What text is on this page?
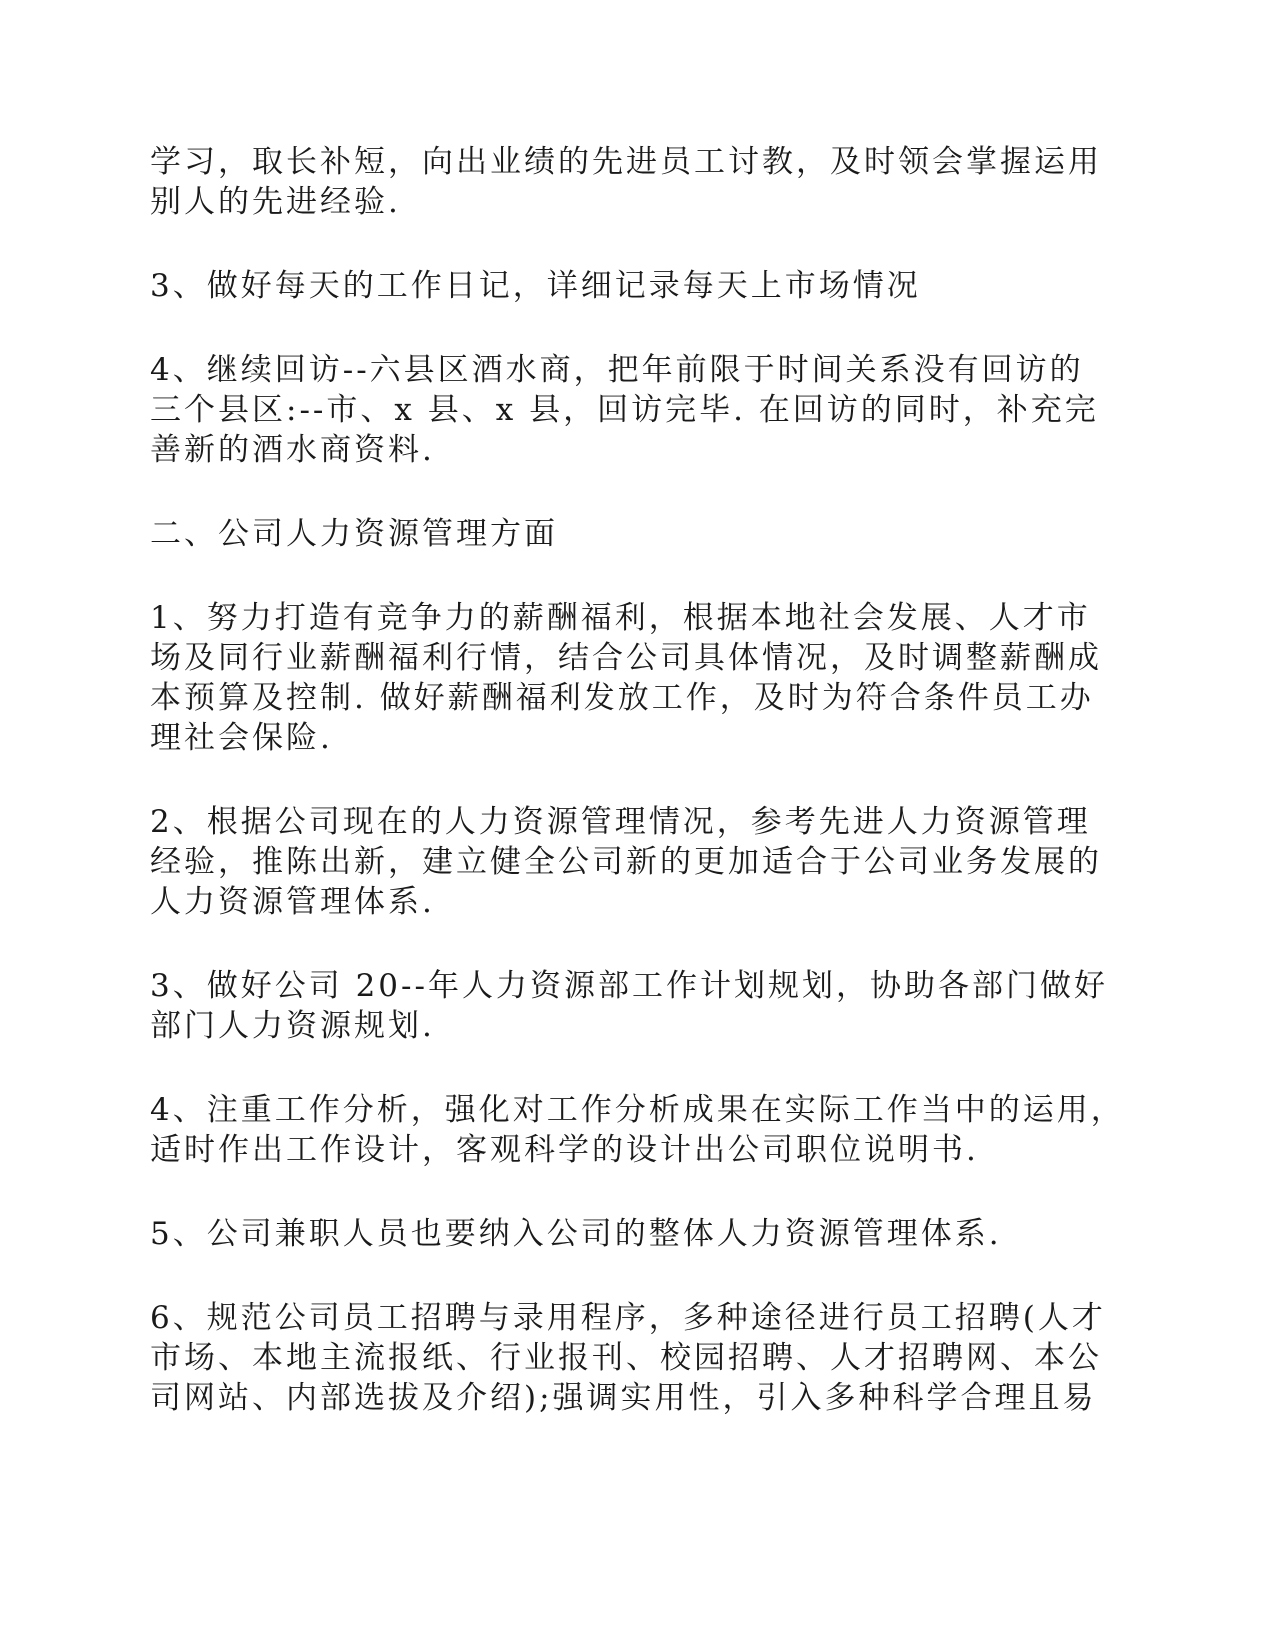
学习，取长补短，向出业绩的先进员工讨教，及时领会掌握运用
别人的先进经验.

3、做好每天的工作日记，详细记录每天上市场情况

4、继续回访--六县区酒水商，把年前限于时间关系没有回访的
三个县区:--市、x 县、x 县，回访完毕. 在回访的同时，补充完
善新的酒水商资料.

二、公司人力资源管理方面

1、努力打造有竞争力的薪酬福利，根据本地社会发展、人才市
场及同行业薪酬福利行情，结合公司具体情况，及时调整薪酬成
本预算及控制. 做好薪酬福利发放工作，及时为符合条件员工办
理社会保险.

2、根据公司现在的人力资源管理情况，参考先进人力资源管理
经验，推陈出新，建立健全公司新的更加适合于公司业务发展的
人力资源管理体系.

3、做好公司 20--年人力资源部工作计划规划，协助各部门做好
部门人力资源规划.

4、注重工作分析，强化对工作分析成果在实际工作当中的运用，
适时作出工作设计，客观科学的设计出公司职位说明书.

5、公司兼职人员也要纳入公司的整体人力资源管理体系.

6、规范公司员工招聘与录用程序，多种途径进行员工招聘(人才
市场、本地主流报纸、行业报刊、校园招聘、人才招聘网、本公
司网站、内部选拔及介绍);强调实用性，引入多种科学合理且易
